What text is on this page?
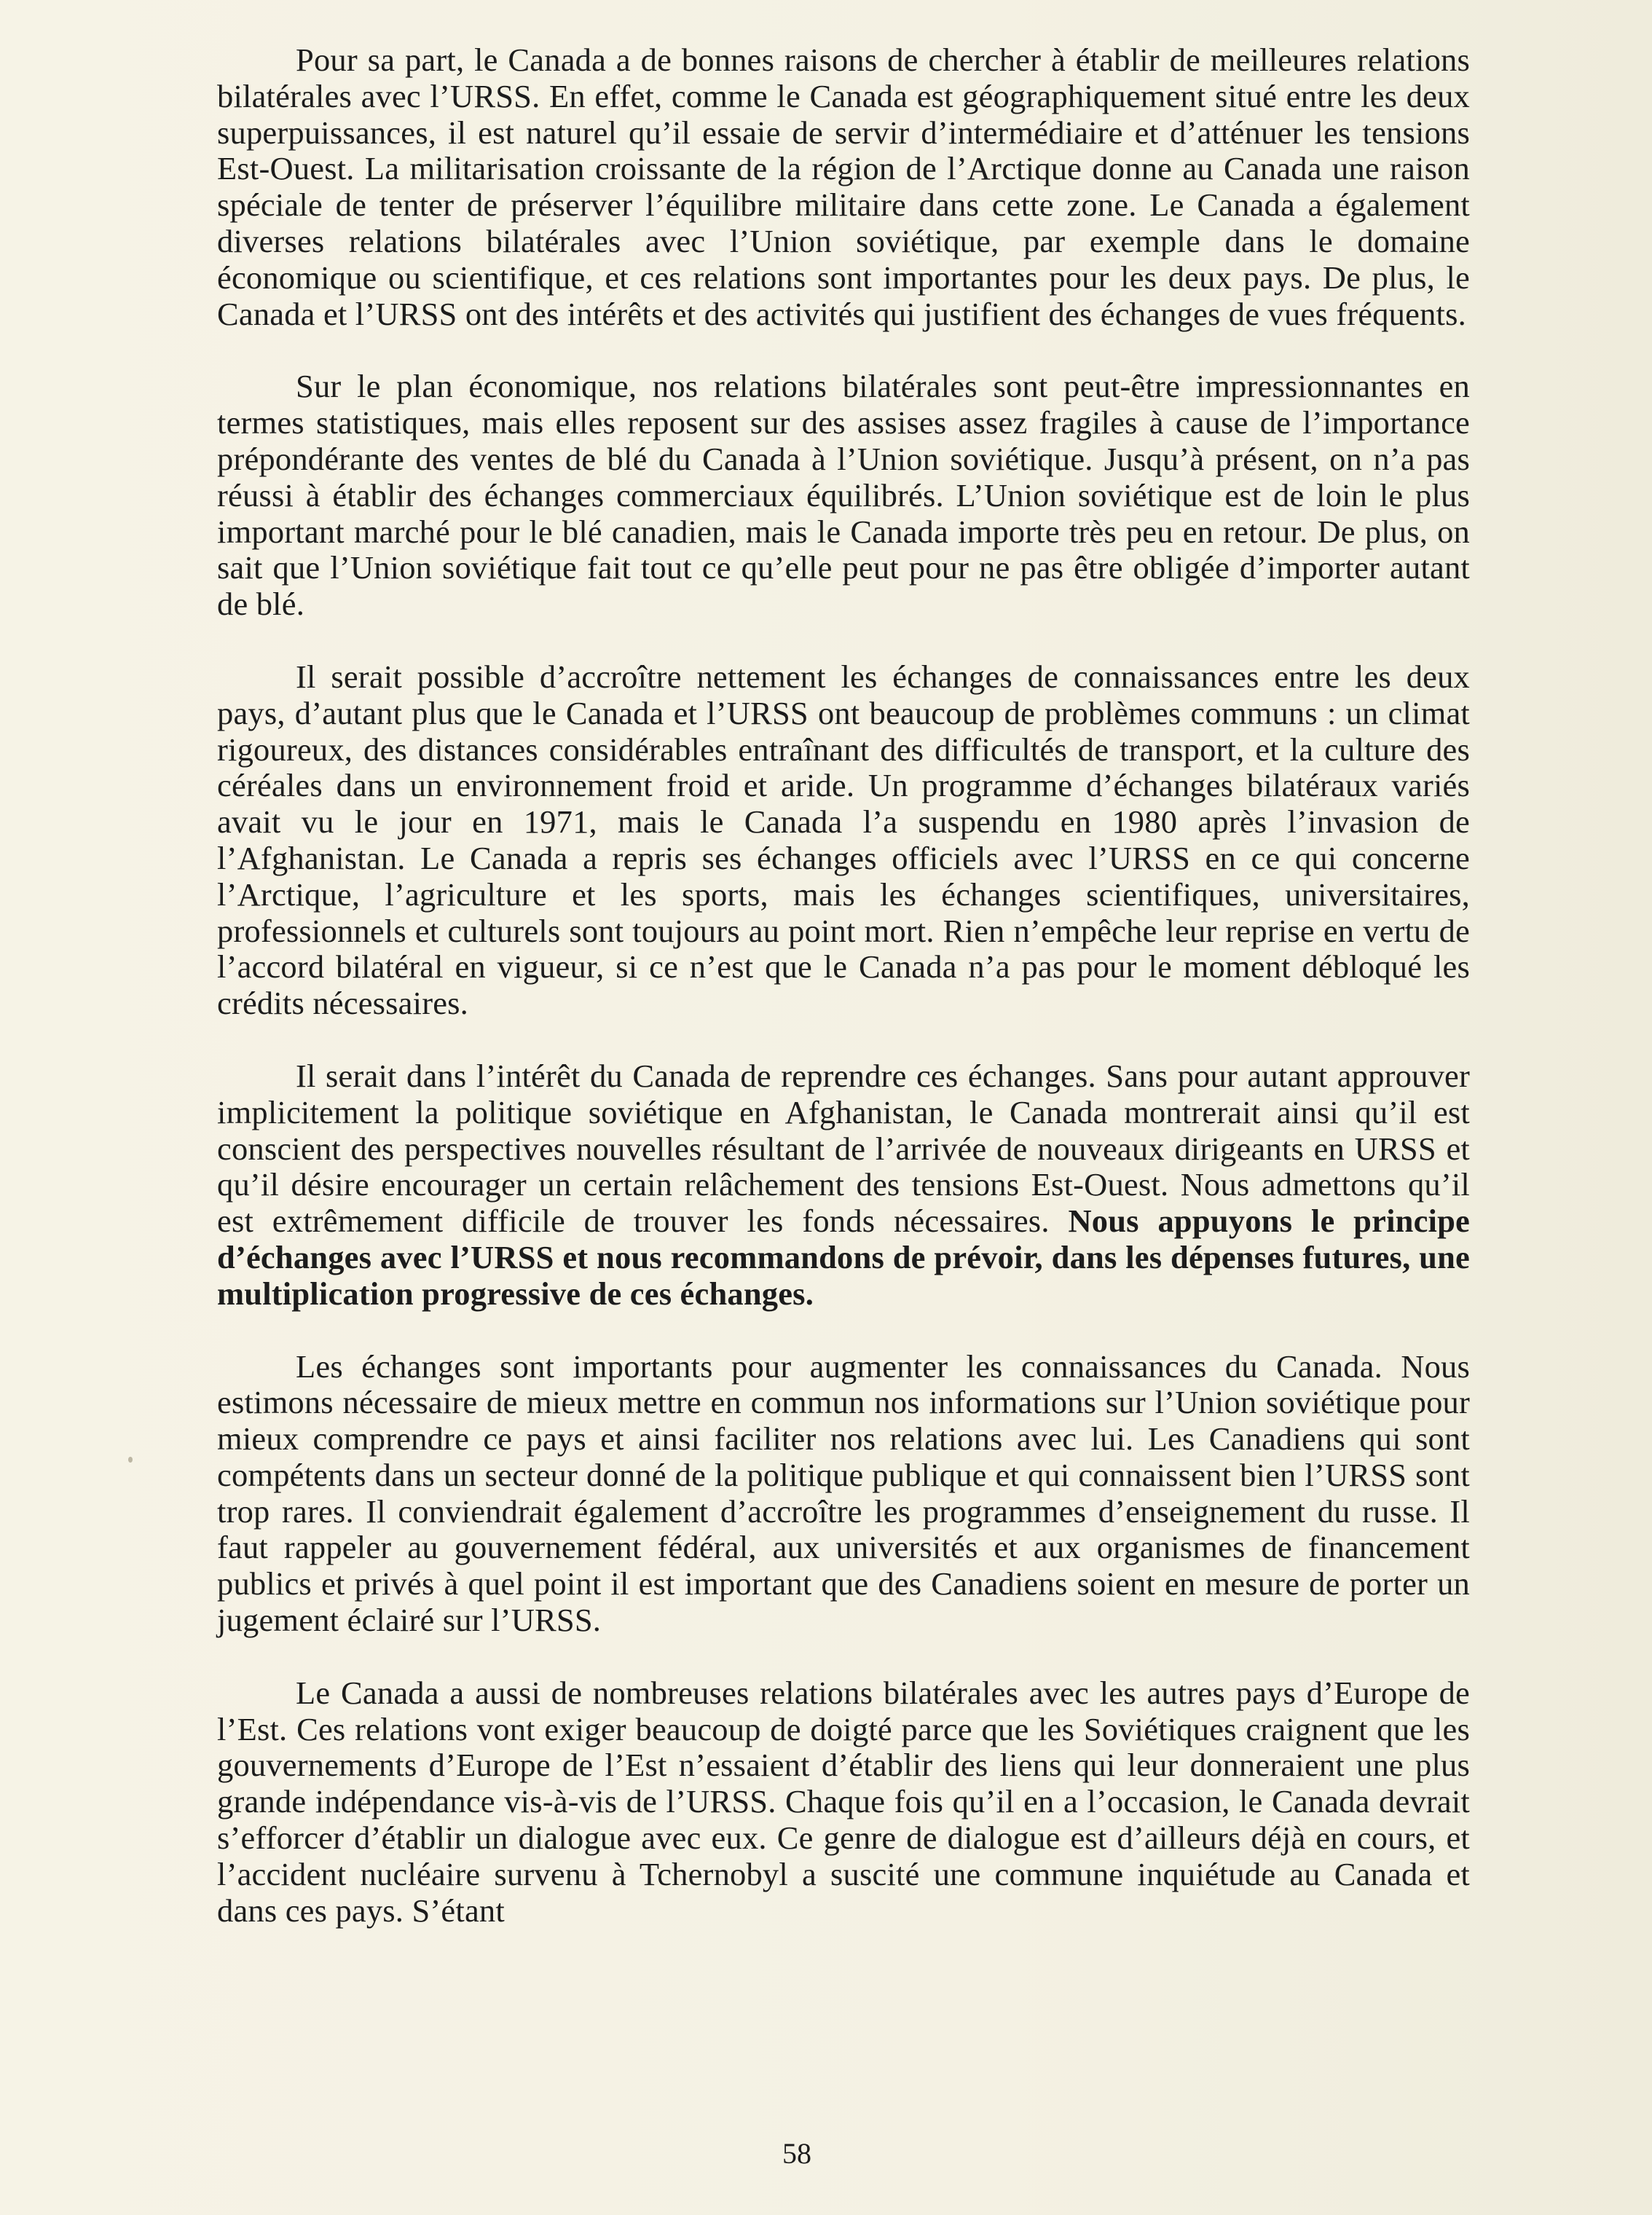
Pour sa part, le Canada a de bonnes raisons de chercher à établir de meilleures relations bilatérales avec l’URSS. En effet, comme le Canada est géographiquement situé entre les deux superpuissances, il est naturel qu’il essaie de servir d’intermédiaire et d’atténuer les tensions Est-Ouest. La militarisation croissante de la région de l’Arctique donne au Canada une raison spéciale de tenter de préserver l’équilibre militaire dans cette zone. Le Canada a également diverses relations bilatérales avec l’Union soviétique, par exemple dans le domaine économique ou scientifique, et ces relations sont importantes pour les deux pays. De plus, le Canada et l’URSS ont des intérêts et des activités qui justifient des échanges de vues fréquents.

Sur le plan économique, nos relations bilatérales sont peut-être impressionnantes en termes statistiques, mais elles reposent sur des assises assez fragiles à cause de l’importance prépondérante des ventes de blé du Canada à l’Union soviétique. Jusqu’à présent, on n’a pas réussi à établir des échanges commerciaux équilibrés. L’Union soviétique est de loin le plus important marché pour le blé canadien, mais le Canada importe très peu en retour. De plus, on sait que l’Union soviétique fait tout ce qu’elle peut pour ne pas être obligée d’importer autant de blé.

Il serait possible d’accroître nettement les échanges de connaissances entre les deux pays, d’autant plus que le Canada et l’URSS ont beaucoup de problèmes communs : un climat rigoureux, des distances considérables entraînant des difficultés de transport, et la culture des céréales dans un environnement froid et aride. Un programme d’échanges bilatéraux variés avait vu le jour en 1971, mais le Canada l’a suspendu en 1980 après l’invasion de l’Afghanistan. Le Canada a repris ses échanges officiels avec l’URSS en ce qui concerne l’Arctique, l’agriculture et les sports, mais les échanges scientifiques, universitaires, professionnels et culturels sont toujours au point mort. Rien n’empêche leur reprise en vertu de l’accord bilatéral en vigueur, si ce n’est que le Canada n’a pas pour le moment débloqué les crédits nécessaires.

Il serait dans l’intérêt du Canada de reprendre ces échanges. Sans pour autant approuver implicitement la politique soviétique en Afghanistan, le Canada montrerait ainsi qu’il est conscient des perspectives nouvelles résultant de l’arrivée de nouveaux dirigeants en URSS et qu’il désire encourager un certain relâchement des tensions Est-Ouest. Nous admettons qu’il est extrêmement difficile de trouver les fonds nécessaires. Nous appuyons le principe d’échanges avec l’URSS et nous recommandons de prévoir, dans les dépenses futures, une multiplication progressive de ces échanges.

Les échanges sont importants pour augmenter les connaissances du Canada. Nous estimons nécessaire de mieux mettre en commun nos informations sur l’Union soviétique pour mieux comprendre ce pays et ainsi faciliter nos relations avec lui. Les Canadiens qui sont compétents dans un secteur donné de la politique publique et qui connaissent bien l’URSS sont trop rares. Il conviendrait également d’accroître les programmes d’enseignement du russe. Il faut rappeler au gouvernement fédéral, aux universités et aux organismes de financement publics et privés à quel point il est important que des Canadiens soient en mesure de porter un jugement éclairé sur l’URSS.

Le Canada a aussi de nombreuses relations bilatérales avec les autres pays d’Europe de l’Est. Ces relations vont exiger beaucoup de doigté parce que les Soviétiques craignent que les gouvernements d’Europe de l’Est n’essaient d’établir des liens qui leur donneraient une plus grande indépendance vis-à-vis de l’URSS. Chaque fois qu’il en a l’occasion, le Canada devrait s’efforcer d’établir un dialogue avec eux. Ce genre de dialogue est d’ailleurs déjà en cours, et l’accident nucléaire survenu à Tchernobyl a suscité une commune inquiétude au Canada et dans ces pays. S’étant

58
